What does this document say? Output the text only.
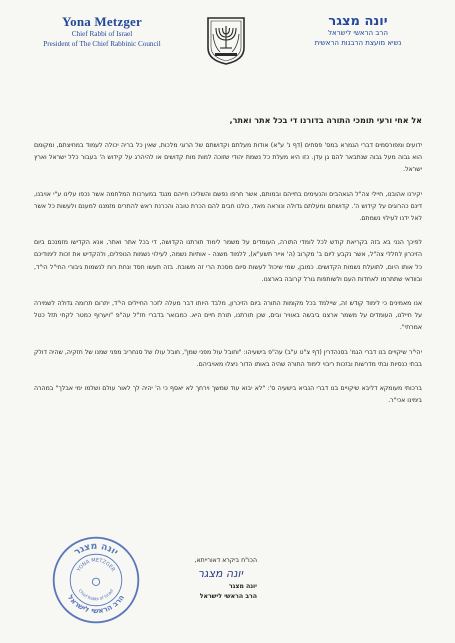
Yona Metzger
Chief Rabbi of Israel
President of The Chief Rabbinic Council
יונה מצגר
הרב הראשי לישראל
נשיא מועצת הרבנות הראשית
אל אחי ורעי תומכי התורה בדורנו די בכל אתר ואתר,

ידועים ומפורסמים דברי הגמרא במס' פסחים (דף נ' ע"א) אודות מעלתם וקדושתם של הרוגי מלכות, שאין כל בריה יכולה לעמוד במחיצתם, ומקומם הוא גבוה מעל גבוה שנתבאר להם גן עדן. כזו היא מעלת כל נשמת יהודי שזוכה למות מות קדושים או להיהרג על קידוש ה' בעבור כלל ישראל וארץ ישראל.

יקירנו אהובנו, חיילי צה"ל הגאהבים והנעימים בחייהם ובמותם, אשר חרפו נפשם והשליכו חייהם מנגד במערכות המלחמה אשר נכפו עלינו ע"י אויבנו, דינם כהרוגים על קידוש ה'. קדושתם ומעלתם גדולה ונוראה מאד, כולנו חבים להם הכרת טובה והכרנת ראש להתרים מזמננו למענם ולעשות כל אשר לאל ידנו לעילוי נשמתם.

לפיכך הנני בא בזה בקריאת קודש לכל לומדי התורה, העומדים על משמר לימוד תורתנו הקדושה, די בכל אתר ואתר, אנא הקדישו מזמנכם ביום הזיכרון לחללי צה"ל, אשר נקבע ליום ב' מקרוב (ה' אייר תשע"א), ללמוד משנה - אותיות נשמה, לעילוי נשמות הנופלים, ולהקדיש את זכות לימודיכם כל אותו היום, לתועלת נשמות הקדושים. כמובן, שמי שיכול לעשות סיום מסכת הרי זה משובח. בזה תעשו חסד ונחת רוח לנשמות גיבורי החי"ל הי"ד, ובוודאי שתתרמו לאחדות העם ולשותפות גורל קרובה בארצנו.

אנו מאמינים כי לימוד קודש זה, שיילמד בכל מקומות התורה ביום הזיכרון, מלבד היותו דבר מעלה לזכר החיילים הי"ד, יתרום תרומה גדולה לשמירה על חיילנו, העומדים על משמר ארצנו ביבשה באוויר ובים, שכן תורתנו, תורת חיים היא. כמבואר בדברי חז"ל עה"פ "ויערוף כמטר לקחי תזל כטל אמרתי".

יהי"ר שיקויים בנו דברי הגמ' בסנהדרין (דף צ"ט ע"ב) עה"פ בישעיהו: "וחובל עול מפני שמן", חובל עולו של סנחריב מפני שמנו של חזקיה, שהיה דולק בבתי כנסיות ובתי מדרשות ובזכות ריבוי לימוד התורה שהיה באותו הדור ניצלו מאויביהם.

ברכותי מעומקא דליבא שיקויים בנו דברי הנביא בישעיה ס': "לא יבוא עוד שמשך וירחך לא יאסף כי ה' יהיה לך לאור עולם ושלמו ימי אבלך" במהרה בימינו אכי"ר.

הכו"ח ביקרא דאורייתא,
יונה מצגר
יונה מצגר
הרב הראשי לישראל
יונה מצגר
הרב הראשי לישראל
YONA METZGER
Chief Rabbi of Israel
